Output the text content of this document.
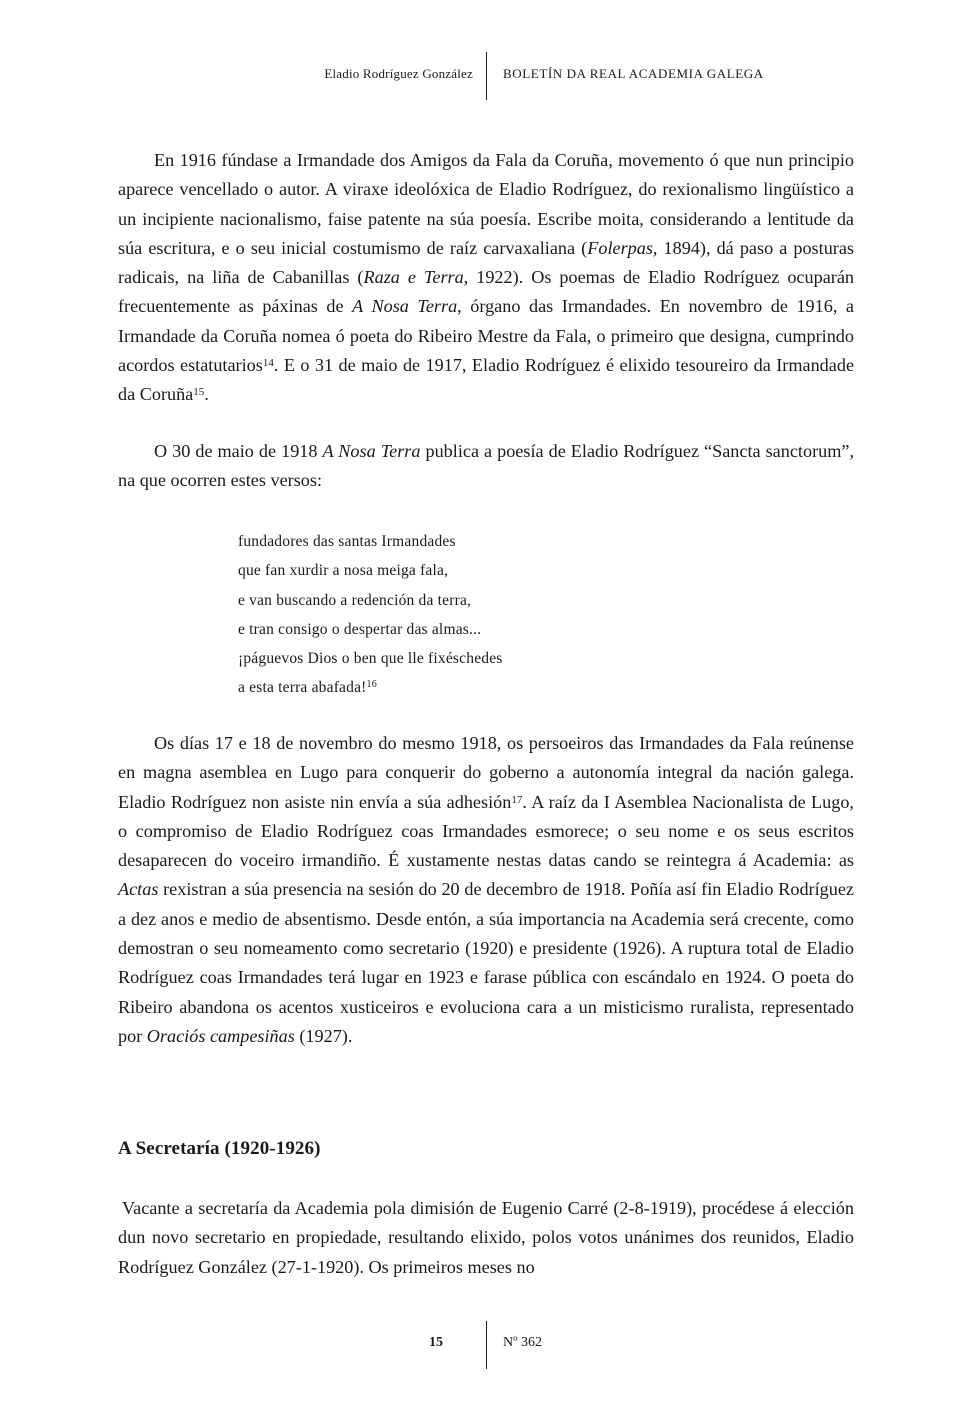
Eladio Rodríguez González BOLETÍN DA REAL ACADEMIA GALEGA

En 1916 fúndase a Irmandade dos Amigos da Fala da Coruña, movemento ó que nun principio aparece vencellado o autor. A viraxe ideolóxica de Eladio Rodríguez, do rexionalismo lingüístico a un incipiente nacionalismo, faise patente na súa poesía. Escribe moita, considerando a lentitude da súa escritura, e o seu inicial costumismo de raíz carvaxaliana (Folerpas, 1894), dá paso a posturas radicais, na liña de Cabanillas (Raza e Terra, 1922). Os poemas de Eladio Rodríguez ocuparán frecuentemente as páxinas de A Nosa Terra, órgano das Irmandades. En novembro de 1916, a Irmandade da Coruña nomea ó poeta do Ribeiro Mestre da Fala, o primeiro que designa, cumprindo acordos estatutarios$^{14}$. E o 31 de maio de 1917, Eladio Rodríguez é elixido tesoureiro da Irmandade da Coruña$^{15}$.

O 30 de maio de 1918 A Nosa Terra publica a poesía de Eladio Rodríguez “Sancta sanctorum”, na que ocorren estes versos:

fundadores das santas Irmandades
que fan xurdir a nosa meiga fala,
e van buscando a redención da terra,
e tran consigo o despertar das almas...
¡páguevos Dios o ben que lle fixéschedes
a esta terra abafada!$^{16}$

Os días 17 e 18 de novembro do mesmo 1918, os persoeiros das Irmandades da Fala reúnense en magna asemblea en Lugo para conquerir do goberno a autonomía integral da nación galega. Eladio Rodríguez non asiste nin envía a súa adhesión$^{17}$. A raíz da I Asemblea Nacionalista de Lugo, o compromiso de Eladio Rodríguez coas Irmandades esmorece; o seu nome e os seus escritos desaparecen do voceiro irmandiño. É xustamente nestas datas cando se reintegra á Academia: as Actas rexistran a súa presencia na sesión do 20 de decembro de 1918. Poñía así fin Eladio Rodríguez a dez anos e medio de absentismo. Desde entón, a súa importancia na Academia será crecente, como demostran o seu nomeamento como secretario (1920) e presidente (1926). A ruptura total de Eladio Rodríguez coas Irmandades terá lugar en 1923 e farase pública con escándalo en 1924. O poeta do Ribeiro abandona os acentos xusticeiros e evoluciona cara a un misticismo ruralista, representado por Oraciós campesiñas (1927).

A Secretaría (1920-1926)

Vacante a secretaría da Academia pola dimisión de Eugenio Carré (2-8-1919), procédese á elección dun novo secretario en propiedade, resultando elixido, polos votos unánimes dos reunidos, Eladio Rodríguez González (27-1-1920). Os primeiros meses no

15	Nº 362
